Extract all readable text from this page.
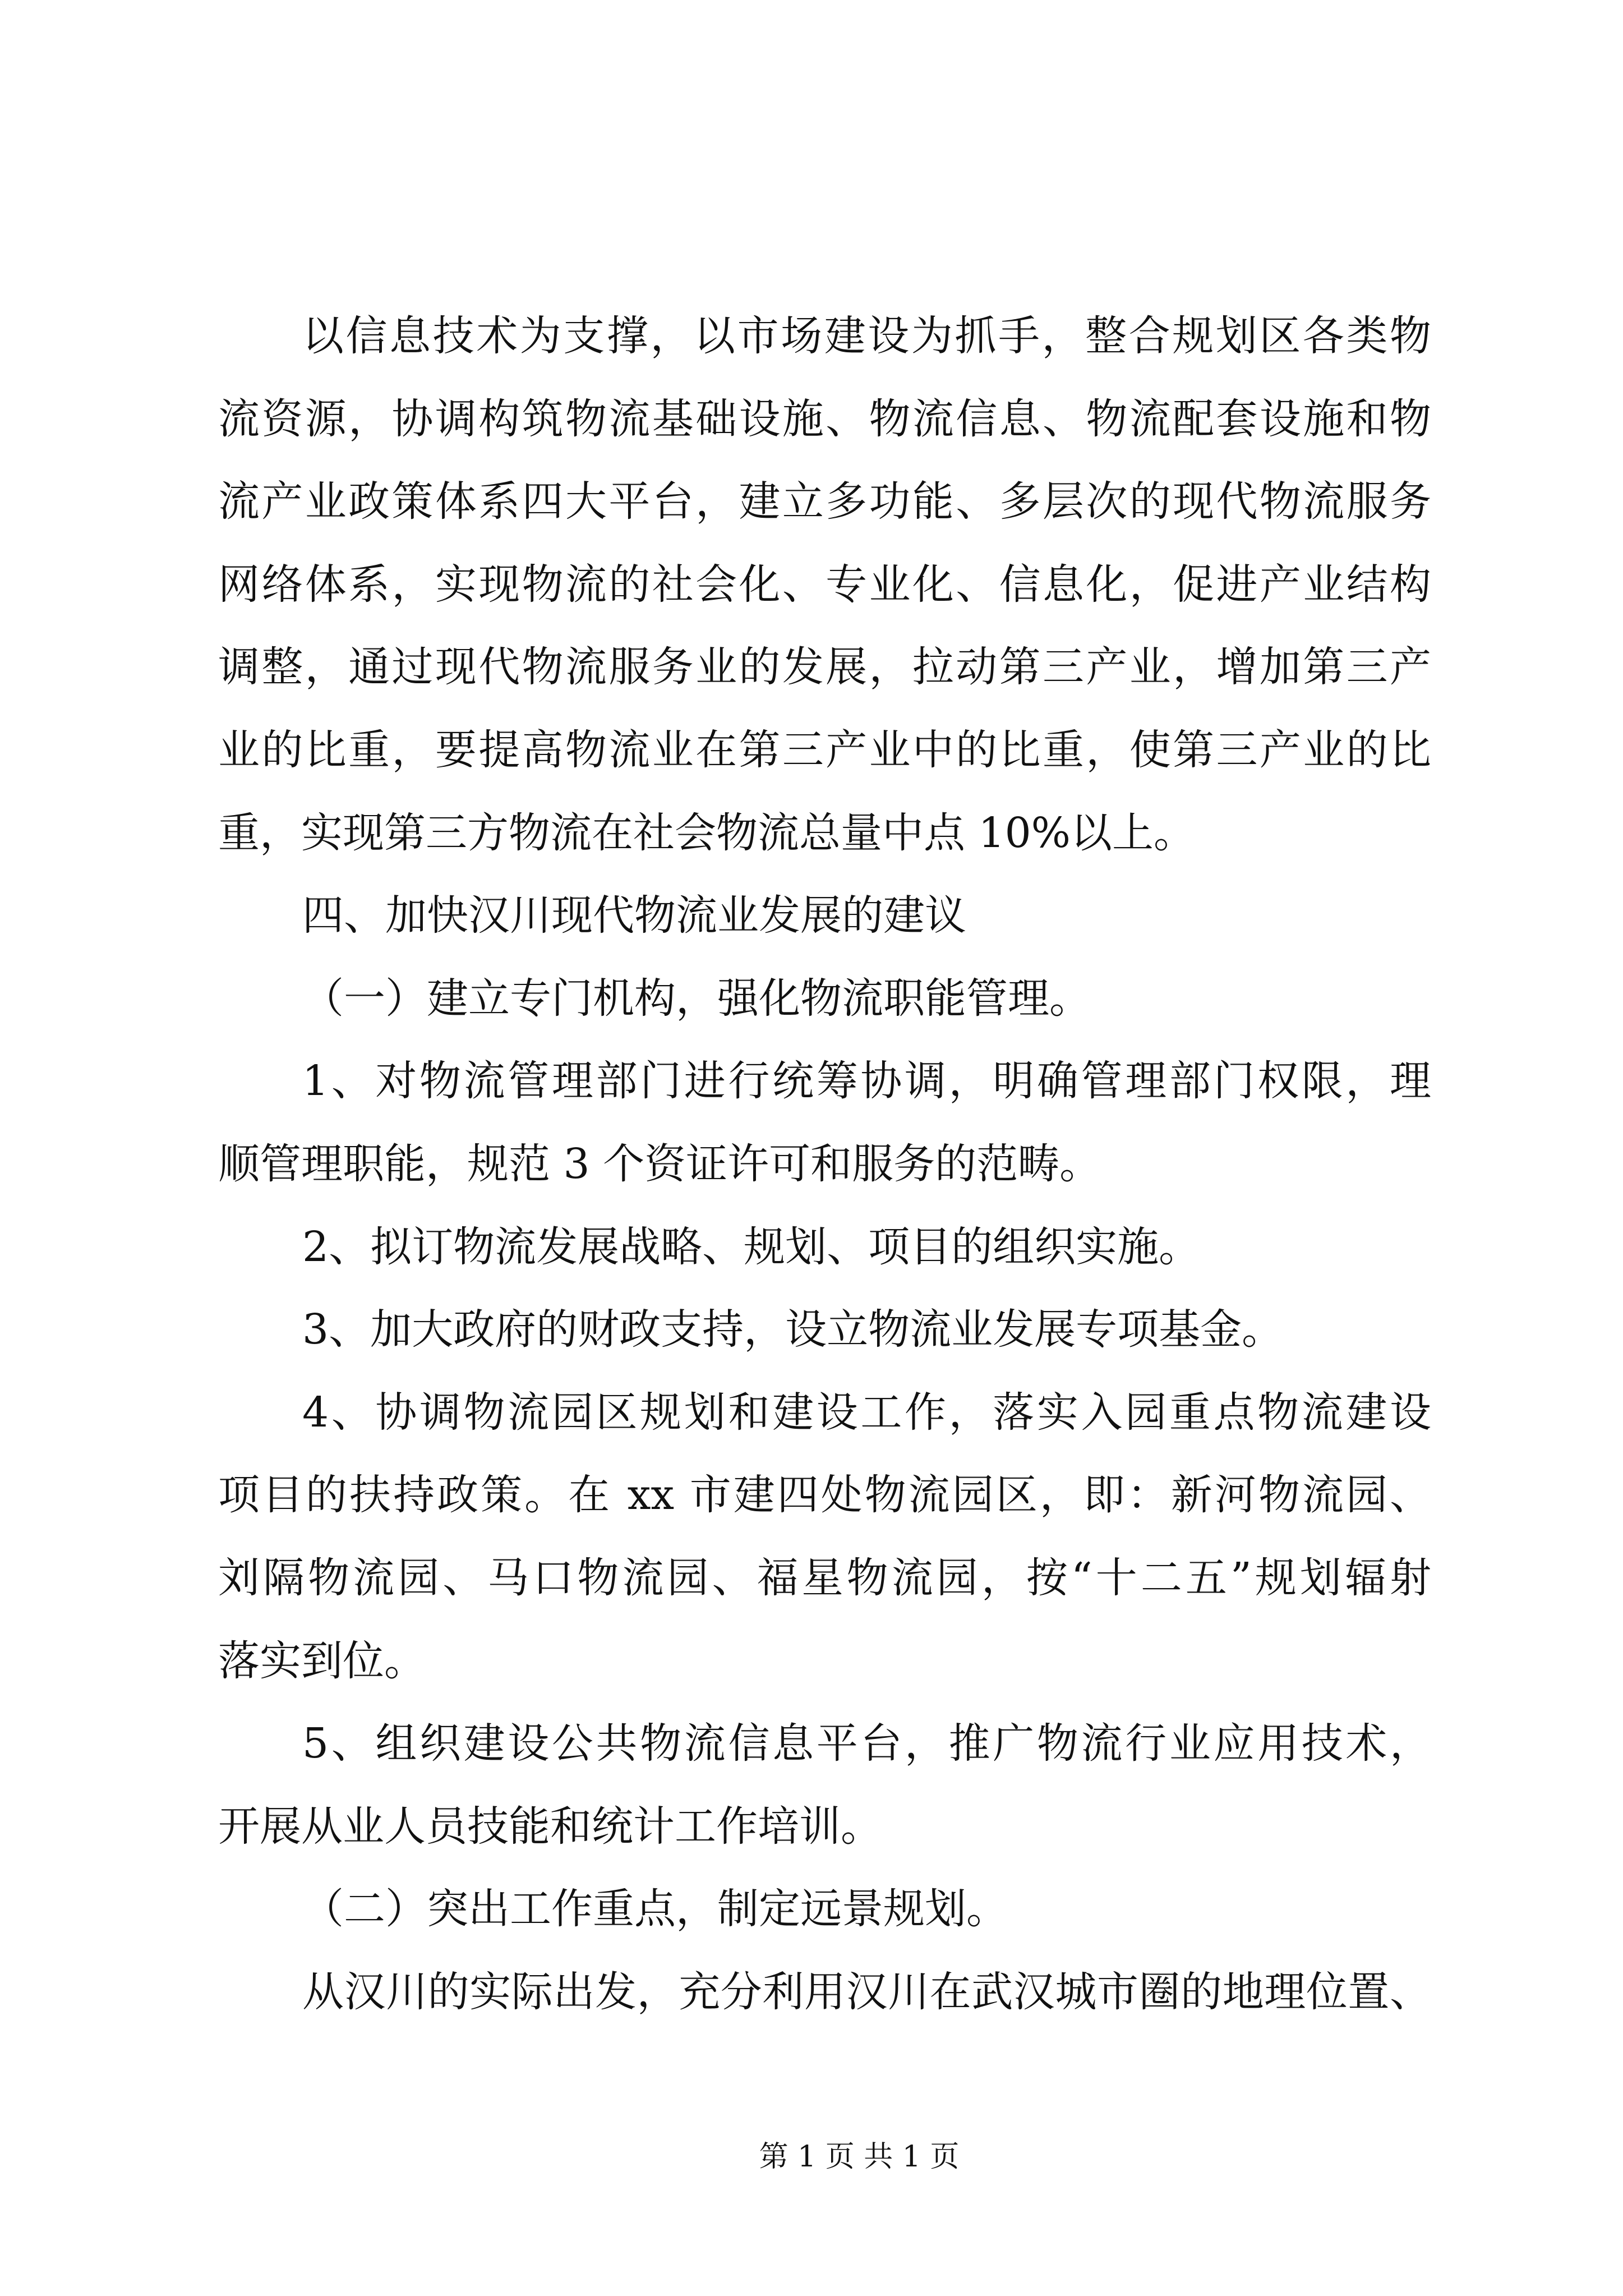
以信息技术为支撑，以市场建设为抓手，整合规划区各类物
流资源，协调构筑物流基础设施、物流信息、物流配套设施和物
流产业政策体系四大平台，建立多功能、多层次的现代物流服务
网络体系，实现物流的社会化、专业化、信息化，促进产业结构
调整，通过现代物流服务业的发展，拉动第三产业，增加第三产
业的比重，要提高物流业在第三产业中的比重，使第三产业的比
重，实现第三方物流在社会物流总量中点 10%以上。
四、加快汉川现代物流业发展的建议
（一）建立专门机构，强化物流职能管理。
1、对物流管理部门进行统筹协调，明确管理部门权限，理
顺管理职能，规范 3 个资证许可和服务的范畴。
2、拟订物流发展战略、规划、项目的组织实施。
3、加大政府的财政支持，设立物流业发展专项基金。
4、协调物流园区规划和建设工作，落实入园重点物流建设
项目的扶持政策。在 xx 市建四处物流园区，即：新河物流园、
刘隔物流园、马口物流园、福星物流园，按“十二五”规划辐射
落实到位。
5、组织建设公共物流信息平台，推广物流行业应用技术，
开展从业人员技能和统计工作培训。
（二）突出工作重点，制定远景规划。
从汉川的实际出发，充分利用汉川在武汉城市圈的地理位置、
第 1 页 共 1 页
